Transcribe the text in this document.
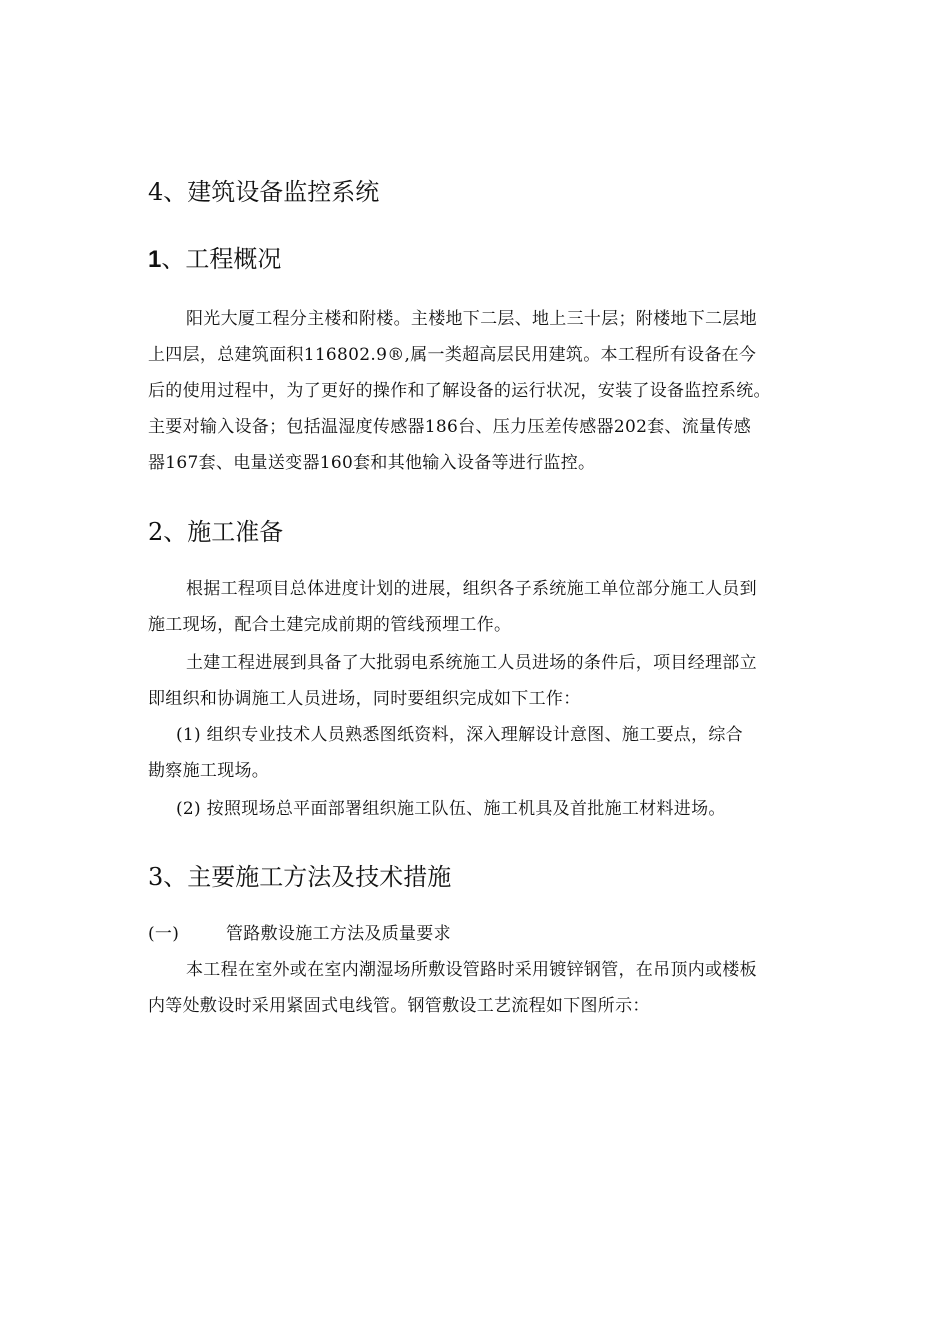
4、建筑设备监控系统
1、工程概况

阳光大厦工程分主楼和附楼。主楼地下二层、地上三十层；附楼地下二层地

上四层，总建筑面积116802.9®,属一类超高层民用建筑。本工程所有设备在今

后的使用过程中，为了更好的操作和了解设备的运行状况，安装了设备监控系统。

主要对输入设备；包括温湿度传感器186台、压力压差传感器202套、流量传感

器167套、电量送变器160套和其他输入设备等进行监控。

2、施工准备

根据工程项目总体进度计划的进展，组织各子系统施工单位部分施工人员到

施工现场，配合土建完成前期的管线预埋工作。

土建工程进展到具备了大批弱电系统施工人员进场的条件后，项目经理部立

即组织和协调施工人员进场，同时要组织完成如下工作：

(1) 组织专业技术人员熟悉图纸资料，深入理解设计意图、施工要点，综合

勘察施工现场。

(2) 按照现场总平面部署组织施工队伍、施工机具及首批施工材料进场。

3、主要施工方法及技术措施

(一)	管路敷设施工方法及质量要求

本工程在室外或在室内潮湿场所敷设管路时采用镀锌钢管，在吊顶内或楼板

内等处敷设时采用紧固式电线管。钢管敷设工艺流程如下图所示：
